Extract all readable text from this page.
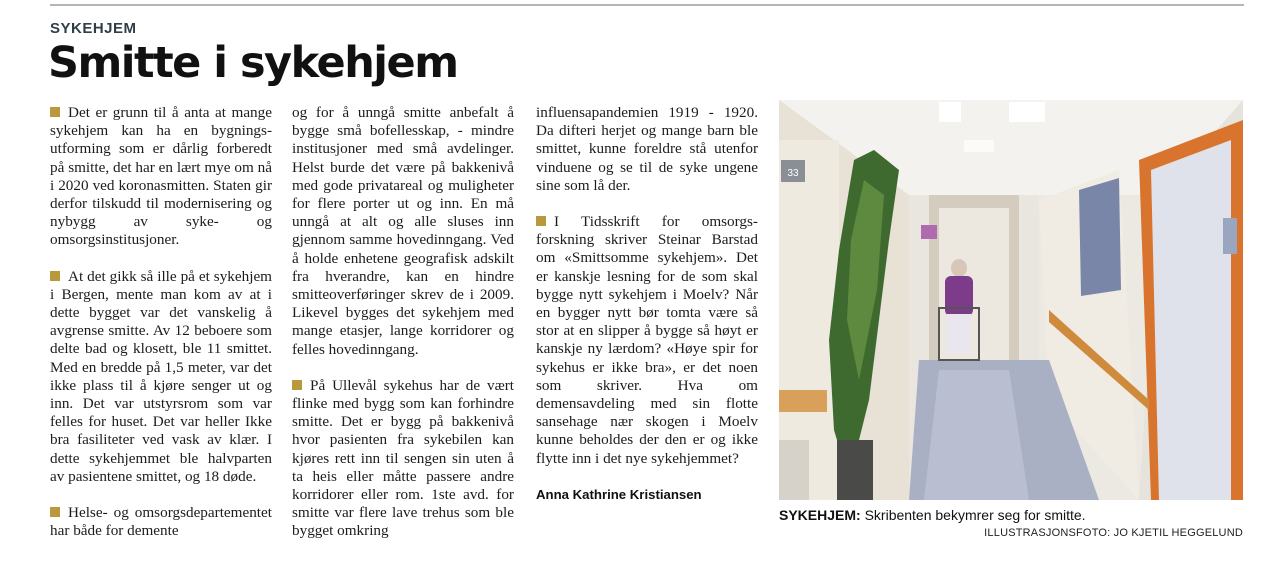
SYKEHJEM
Smitte i sykehjem

Det er grunn til å anta at mange sykehjem kan ha en bygningsutforming som er dårlig forberedt på smitte, det har en lært mye om nå i 2020 ved koronasmitten. Staten gir derfor tilskudd til modernisering og nybygg av syke- og omsorgsinstitusjoner.

At det gikk så ille på et sykehjem i Bergen, mente man kom av at i dette bygget var det vanskelig å avgrense smitte. Av 12 beboere som delte bad og klosett, ble 11 smittet. Med en bredde på 1,5 meter, var det ikke plass til å kjøre senger ut og inn. Det var utstyrsrom som var felles for huset. Det var heller Ikke bra fasiliteter ved vask av klær. I dette sykehjemmet ble halvparten av pasientene smittet, og 18 døde.

Helse- og omsorgsdepartementet har både for demente

og for å unngå smitte anbefalt å bygge små bofellesskap, - mindre institusjoner med små avdelinger. Helst burde det være på bakkenivå med gode privatareal og muligheter for flere porter ut og inn. En må unngå at alt og alle sluses inn gjennom samme hovedinngang. Ved å holde enhetene geografisk adskilt fra hverandre, kan en hindre smitteoverføringer skrev de i 2009. Likevel bygges det sykehjem med mange etasjer, lange korridorer og felles hovedinngang.

På Ullevål sykehus har de vært flinke med bygg som kan forhindre smitte. Det er bygg på bakkenivå hvor pasienten fra sykebilen kan kjøres rett inn til sengen sin uten å ta heis eller måtte passere andre korridorer eller rom. 1ste avd. for smitte var flere lave trehus som ble bygget omkring

influensapandemien 1919 - 1920. Da difteri herjet og mange barn ble smittet, kunne foreldre stå utenfor vinduene og se til de syke ungene sine som lå der.

I Tidsskrift for omsorgs-forskning skriver Steinar Barstad om «Smittsomme sykehjem». Det er kanskje lesning for de som skal bygge nytt sykehjem i Moelv? Når en bygger nytt bør tomta være så stor at en slipper å bygge så høyt er kanskje ny lærdom? «Høye spir for sykehus er ikke bra», er det noen som skriver. Hva om demensavdeling med sin flotte sansehage nær skogen i Moelv kunne beholdes der den er og ikke flytte inn i det nye sykehjemmet?

Anna Kathrine Kristiansen
33
SYKEHJEM: Skribenten bekymrer seg for smitte.
ILLUSTRASJONSFOTO: JO KJETIL HEGGELUND
